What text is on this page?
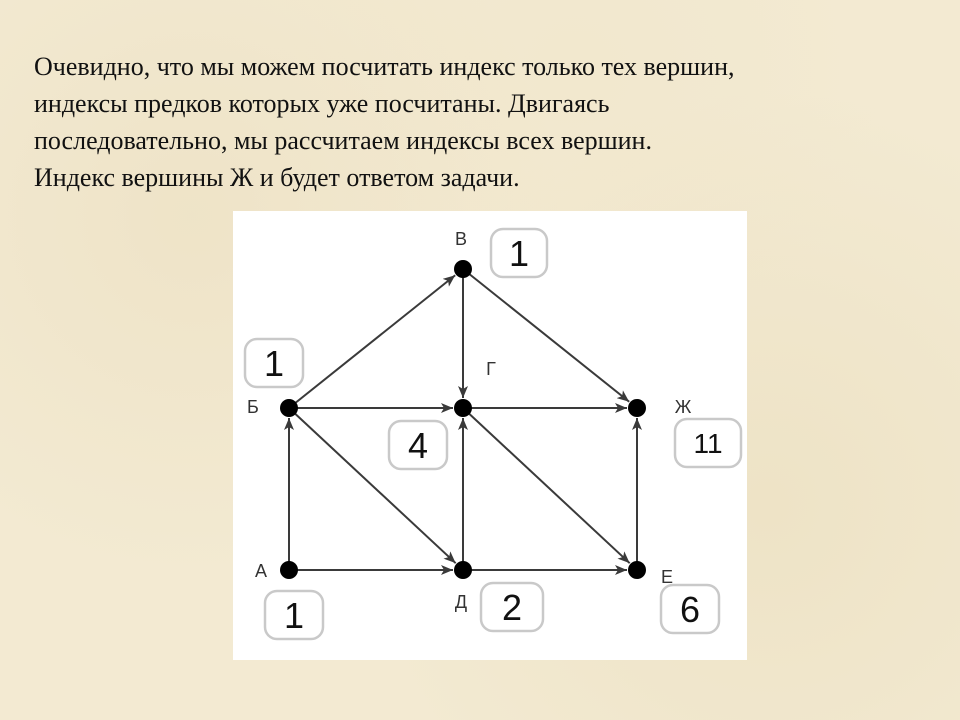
Очевидно, что мы можем посчитать индекс только тех вершин,
индексы предков которых уже посчитаны. Двигаясь
последовательно, мы рассчитаем индексы всех вершин.
Индекс вершины Ж и будет ответом задачи.
1
1
1
4
2	6
11
А
Б
В
Г
Д
Е
Ж
